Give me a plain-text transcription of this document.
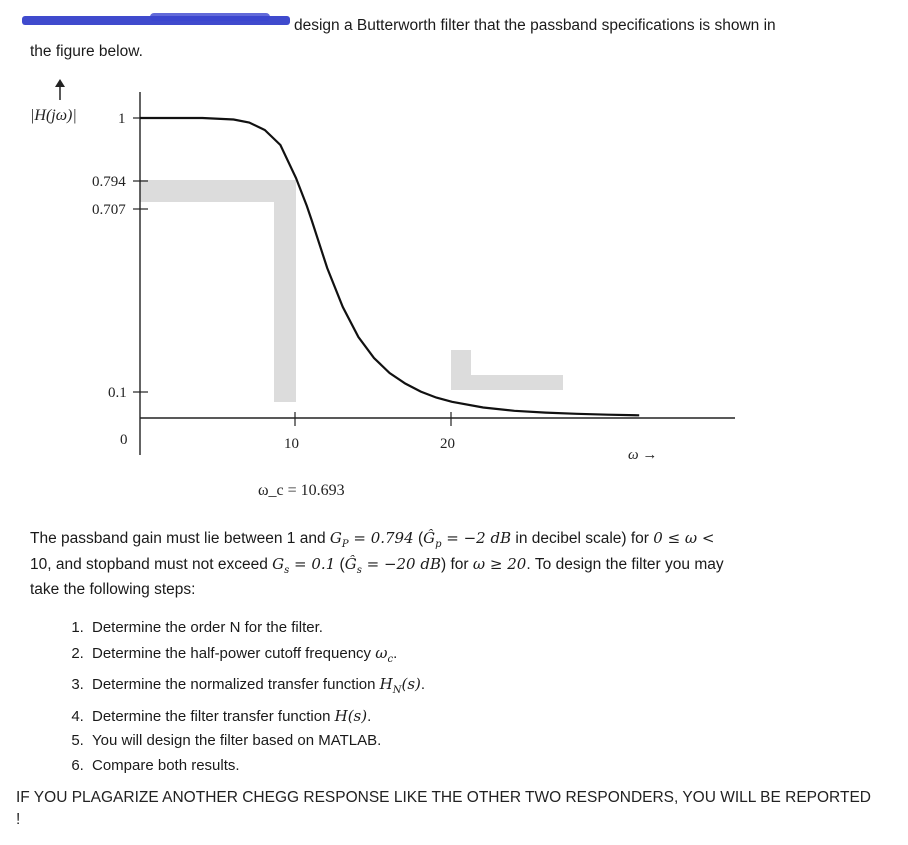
design a Butterworth filter that the passband specifications is shown in
the figure below.
|H(jω)|	1
0.794
0.707
0.1
0	10	20
ω →
ω_c = 10.693
The passband gain must lie between 1 and $G_P = 0.794$ ($Ĝ_p = -2$ dB in decibel scale) for 0 ≤ ω <
10, and stopband must not exceed $G_s = 0.1$ ($Ĝ_s = -20$ dB) for ω ≥ 20. To design the filter you may
take the following steps:
1. Determine the order N for the filter.
2. Determine the half-power cutoff frequency $\omega_c$.
3. Determine the normalized transfer function $H_N(s)$.
4. Determine the filter transfer function H(s).
5. You will design the filter based on MATLAB.
6. Compare both results.
IF YOU PLAGARIZE ANOTHER CHEGG RESPONSE LIKE THE OTHER TWO RESPONDERS, YOU WILL BE REPORTED !
